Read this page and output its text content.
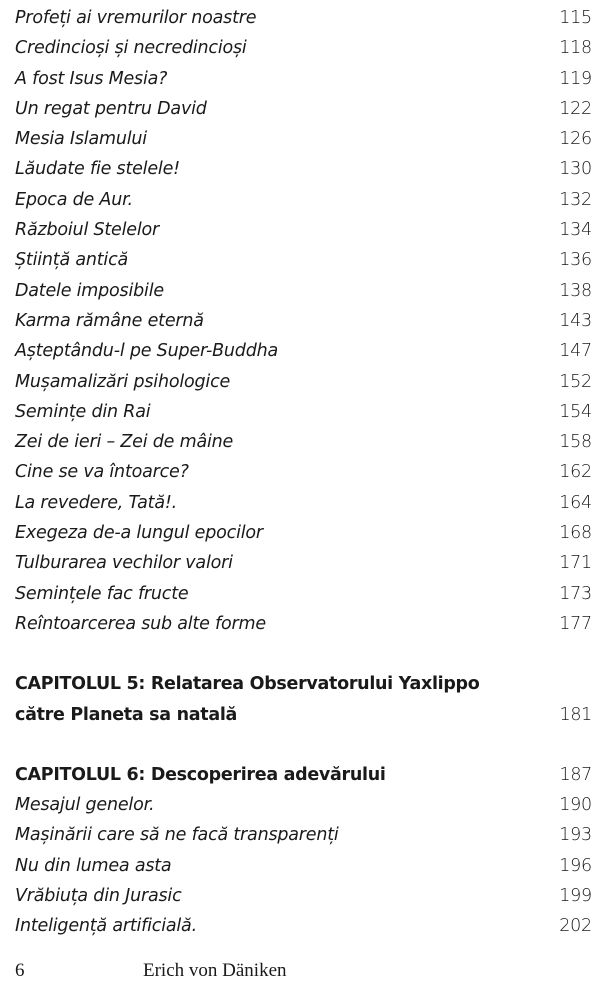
Profeți ai vremurilor noastre	115
Credincioși și necredincioși	118
A fost Isus Mesia?	119
Un regat pentru David	122
Mesia Islamului	126
Lăudate fie stelele!	130
Epoca de Aur.	132
Războiul Stelelor	134
Știință antică	136
Datele imposibile	138
Karma rămâne eternă	143
Așteptându-l pe Super-Buddha	147
Mușamalizări psihologice	152
Semințe din Rai	154
Zei de ieri – Zei de mâine	158
Cine se va întoarce?	162
La revedere, Tată!.	164
Exegeza de-a lungul epocilor	168
Tulburarea vechilor valori	171
Semințele fac fructe	173
Reîntoarcerea sub alte forme	177
CAPITOLUL 5: Relatarea Observatorului Yaxlippo
către Planeta sa natală	181
CAPITOLUL 6: Descoperirea adevărului	187
Mesajul genelor.	190
Mașinării care să ne facă transparenți	193
Nu din lumea asta	196
Vrăbiuța din Jurasic	199
Inteligență artificială.	202
6	Erich von Däniken
